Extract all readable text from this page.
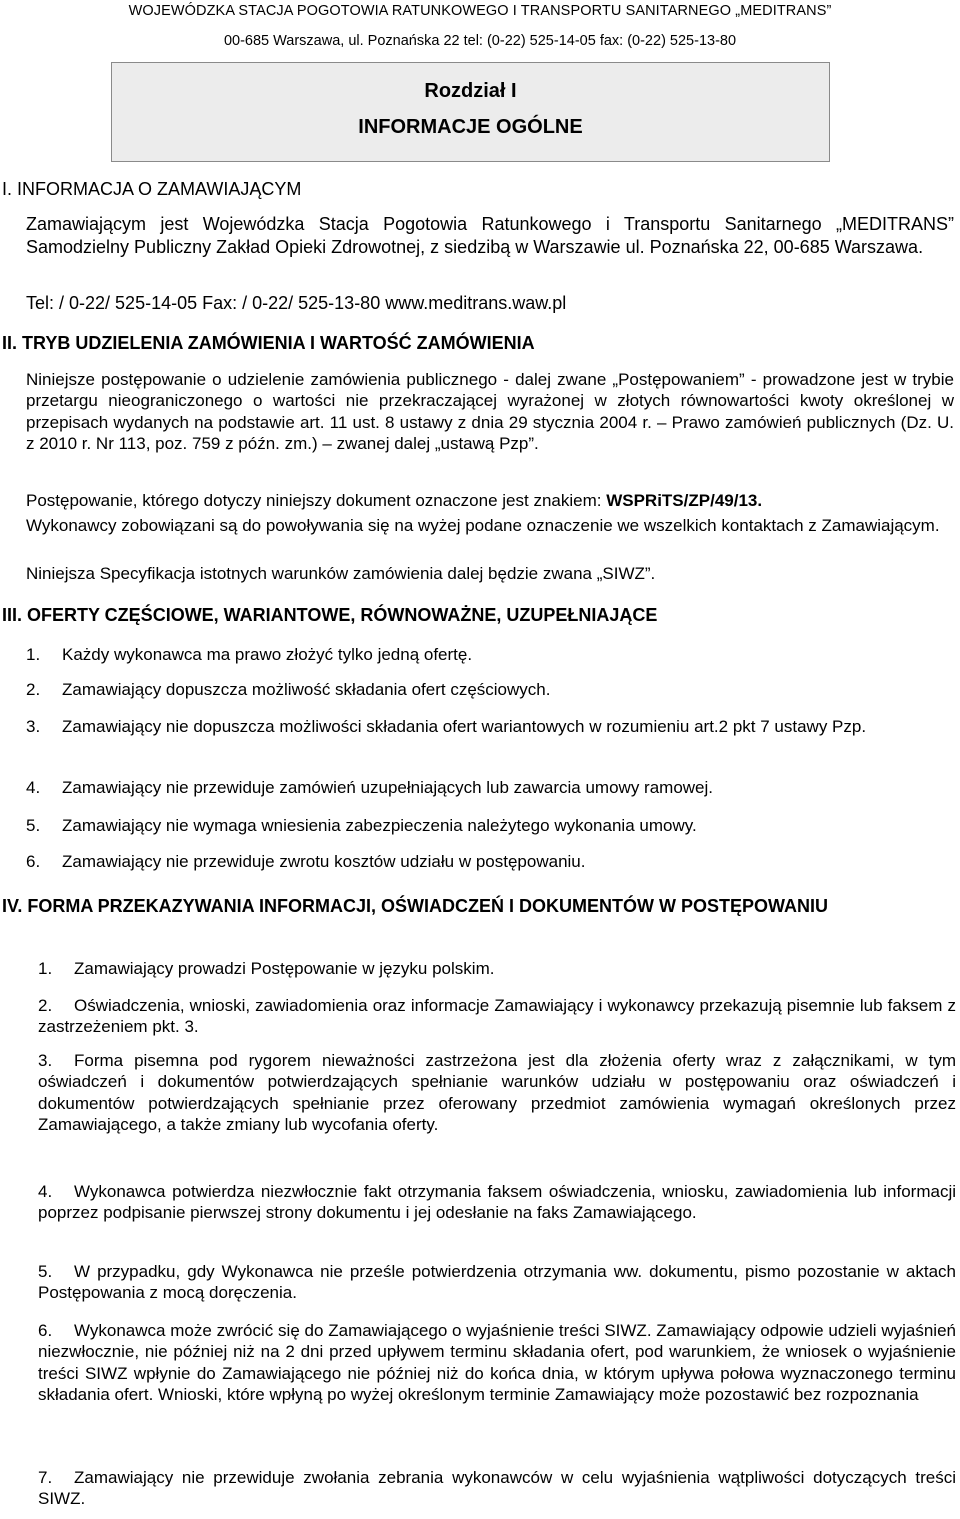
WOJEWÓDZKA STACJA POGOTOWIA RATUNKOWEGO I TRANSPORTU SANITARNEGO „MEDITRANS”
00-685 Warszawa, ul. Poznańska 22 tel: (0-22) 525-14-05 fax: (0-22) 525-13-80
Rozdział I
INFORMACJE OGÓLNE
I. INFORMACJA O ZAMAWIAJĄCYM
Zamawiającym jest Wojewódzka Stacja Pogotowia Ratunkowego i Transportu Sanitarnego „MEDITRANS” Samodzielny Publiczny Zakład Opieki Zdrowotnej, z siedzibą w Warszawie ul. Poznańska 22, 00-685 Warszawa.
Tel: / 0-22/ 525-14-05 Fax: / 0-22/ 525-13-80 www.meditrans.waw.pl
II. TRYB UDZIELENIA ZAMÓWIENIA I WARTOŚĆ ZAMÓWIENIA
Niniejsze postępowanie o udzielenie zamówienia publicznego - dalej zwane „Postępowaniem” - prowadzone jest w trybie przetargu nieograniczonego o wartości nie przekraczającej wyrażonej w złotych równowartości kwoty określonej w przepisach wydanych na podstawie art. 11 ust. 8 ustawy z dnia 29 stycznia 2004 r. – Prawo zamówień publicznych (Dz. U. z 2010 r. Nr 113, poz. 759 z późn. zm.) – zwanej dalej „ustawą Pzp”.
Postępowanie, którego dotyczy niniejszy dokument oznaczone jest znakiem: WSPRiTS/ZP/49/13.
Wykonawcy zobowiązani są do powoływania się na wyżej podane oznaczenie we wszelkich kontaktach z Zamawiającym.
Niniejsza Specyfikacja istotnych warunków zamówienia dalej będzie zwana „SIWZ”.
III. OFERTY CZĘŚCIOWE, WARIANTOWE, RÓWNOWAŻNE, UZUPEŁNIAJĄCE
1.	Każdy wykonawca ma prawo złożyć tylko jedną ofertę.
2.	Zamawiający dopuszcza możliwość składania ofert częściowych.
3.	Zamawiający nie dopuszcza możliwości składania ofert wariantowych w rozumieniu art.2 pkt 7 ustawy Pzp.
4.	Zamawiający nie przewiduje zamówień uzupełniających lub zawarcia umowy ramowej.
5.	Zamawiający nie wymaga wniesienia zabezpieczenia należytego wykonania umowy.
6.	Zamawiający nie przewiduje zwrotu kosztów udziału w postępowaniu.
IV. FORMA PRZEKAZYWANIA INFORMACJI, OŚWIADCZEŃ I DOKUMENTÓW W POSTĘPOWANIU
1.	Zamawiający prowadzi Postępowanie w języku polskim.
2.	Oświadczenia, wnioski, zawiadomienia oraz informacje Zamawiający i wykonawcy przekazują pisemnie lub faksem z zastrzeżeniem pkt. 3.
3.	Forma pisemna pod rygorem nieważności zastrzeżona jest dla złożenia oferty wraz z załącznikami, w tym oświadczeń i dokumentów potwierdzających spełnianie warunków udziału w postępowaniu oraz oświadczeń i dokumentów potwierdzających spełnianie przez oferowany przedmiot zamówienia wymagań określonych przez Zamawiającego, a także zmiany lub wycofania oferty.
4.	Wykonawca potwierdza niezwłocznie fakt otrzymania faksem oświadczenia, wniosku, zawiadomienia lub informacji poprzez podpisanie pierwszej strony dokumentu i jej odesłanie na faks Zamawiającego.
5.	W przypadku, gdy Wykonawca nie prześle potwierdzenia otrzymania ww. dokumentu, pismo pozostanie w aktach Postępowania z mocą doręczenia.
6.	Wykonawca może zwrócić się do Zamawiającego o wyjaśnienie treści SIWZ. Zamawiający odpowie udzieli wyjaśnień niezwłocznie, nie później niż na 2 dni przed upływem terminu składania ofert, pod warunkiem, że wniosek o wyjaśnienie treści SIWZ wpłynie do Zamawiającego nie później niż do końca dnia, w którym upływa połowa wyznaczonego terminu składania ofert. Wnioski, które wpłyną po wyżej określonym terminie Zamawiający może pozostawić bez rozpoznania
7.	Zamawiający nie przewiduje zwołania zebrania wykonawców w celu wyjaśnienia wątpliwości dotyczących treści SIWZ.
